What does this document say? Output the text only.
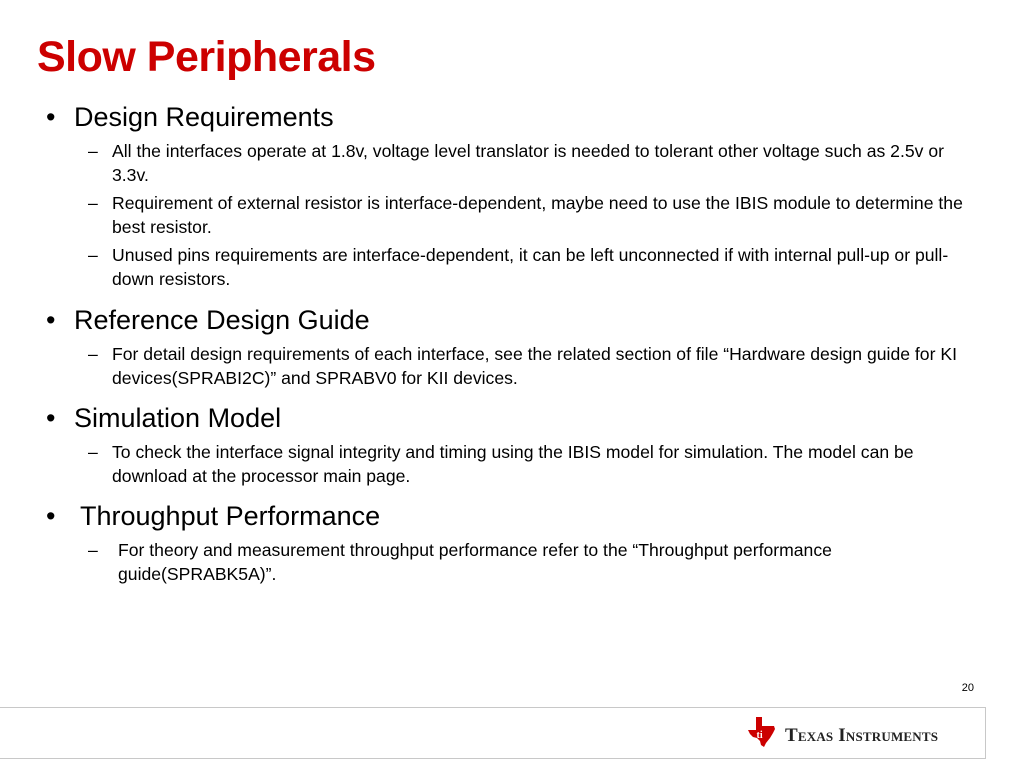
Slow Peripherals
• Design Requirements
– All the interfaces operate at 1.8v, voltage level translator is needed to tolerant other voltage such as 2.5v or 3.3v.
– Requirement of external resistor is interface-dependent, maybe need to use the IBIS module to determine the best resistor.
– Unused pins requirements are interface-dependent, it can be left unconnected if with internal pull-up or pull-down resistors.
• Reference Design Guide
– For detail design requirements of each interface, see the related section of file “Hardware design guide for KI devices(SPRABI2C)” and SPRABV0 for KII devices.
• Simulation Model
– To check the interface signal integrity and timing using the IBIS model for simulation. The model can be download at the processor main page.
• Throughput Performance
– For theory and measurement throughput performance refer to the “Throughput performance guide(SPRABK5A)”.
20
ti Texas Instruments
